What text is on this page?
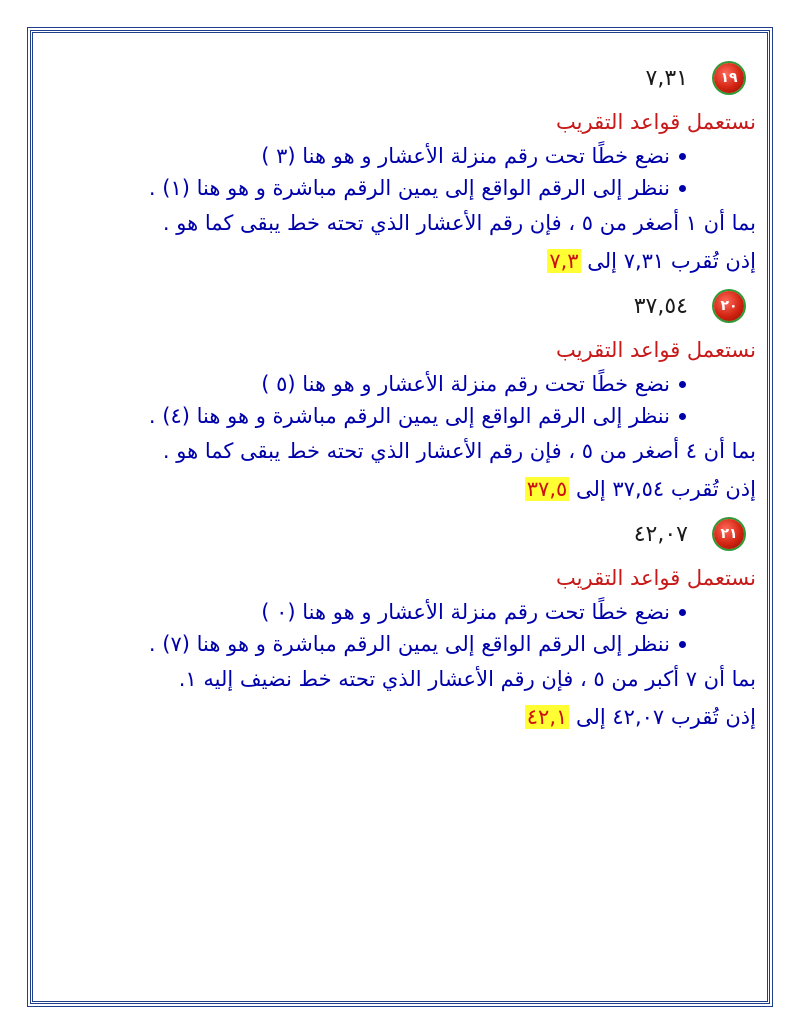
١٩
٧,٣١
نستعمل قواعد التقريب
نضع خطًا تحت رقم منزلة الأعشار و هو هنا (٣ )
ننظر إلى الرقم الواقع إلى يمين الرقم مباشرة و هو هنا (١) .
بما أن ١ أصغر من ٥ ، فإن رقم الأعشار الذي تحته خط يبقى كما هو .
إذن تُقرب ٧,٣١ إلى ٧,٣
٢٠
٣٧,٥٤
نستعمل قواعد التقريب
نضع خطًا تحت رقم منزلة الأعشار و هو هنا (٥ )
ننظر إلى الرقم الواقع إلى يمين الرقم مباشرة و هو هنا (٤) .
بما أن ٤ أصغر من ٥ ، فإن رقم الأعشار الذي تحته خط يبقى كما هو .
إذن تُقرب ٣٧,٥٤ إلى ٣٧,٥
٢١
٤٢,٠٧
نستعمل قواعد التقريب
نضع خطًا تحت رقم منزلة الأعشار و هو هنا (٠ )
ننظر إلى الرقم الواقع إلى يمين الرقم مباشرة و هو هنا (٧) .
بما أن ٧ أكبر من ٥ ، فإن رقم الأعشار الذي تحته خط نضيف إليه ١.
إذن تُقرب ٤٢,٠٧ إلى ٤٢,١
